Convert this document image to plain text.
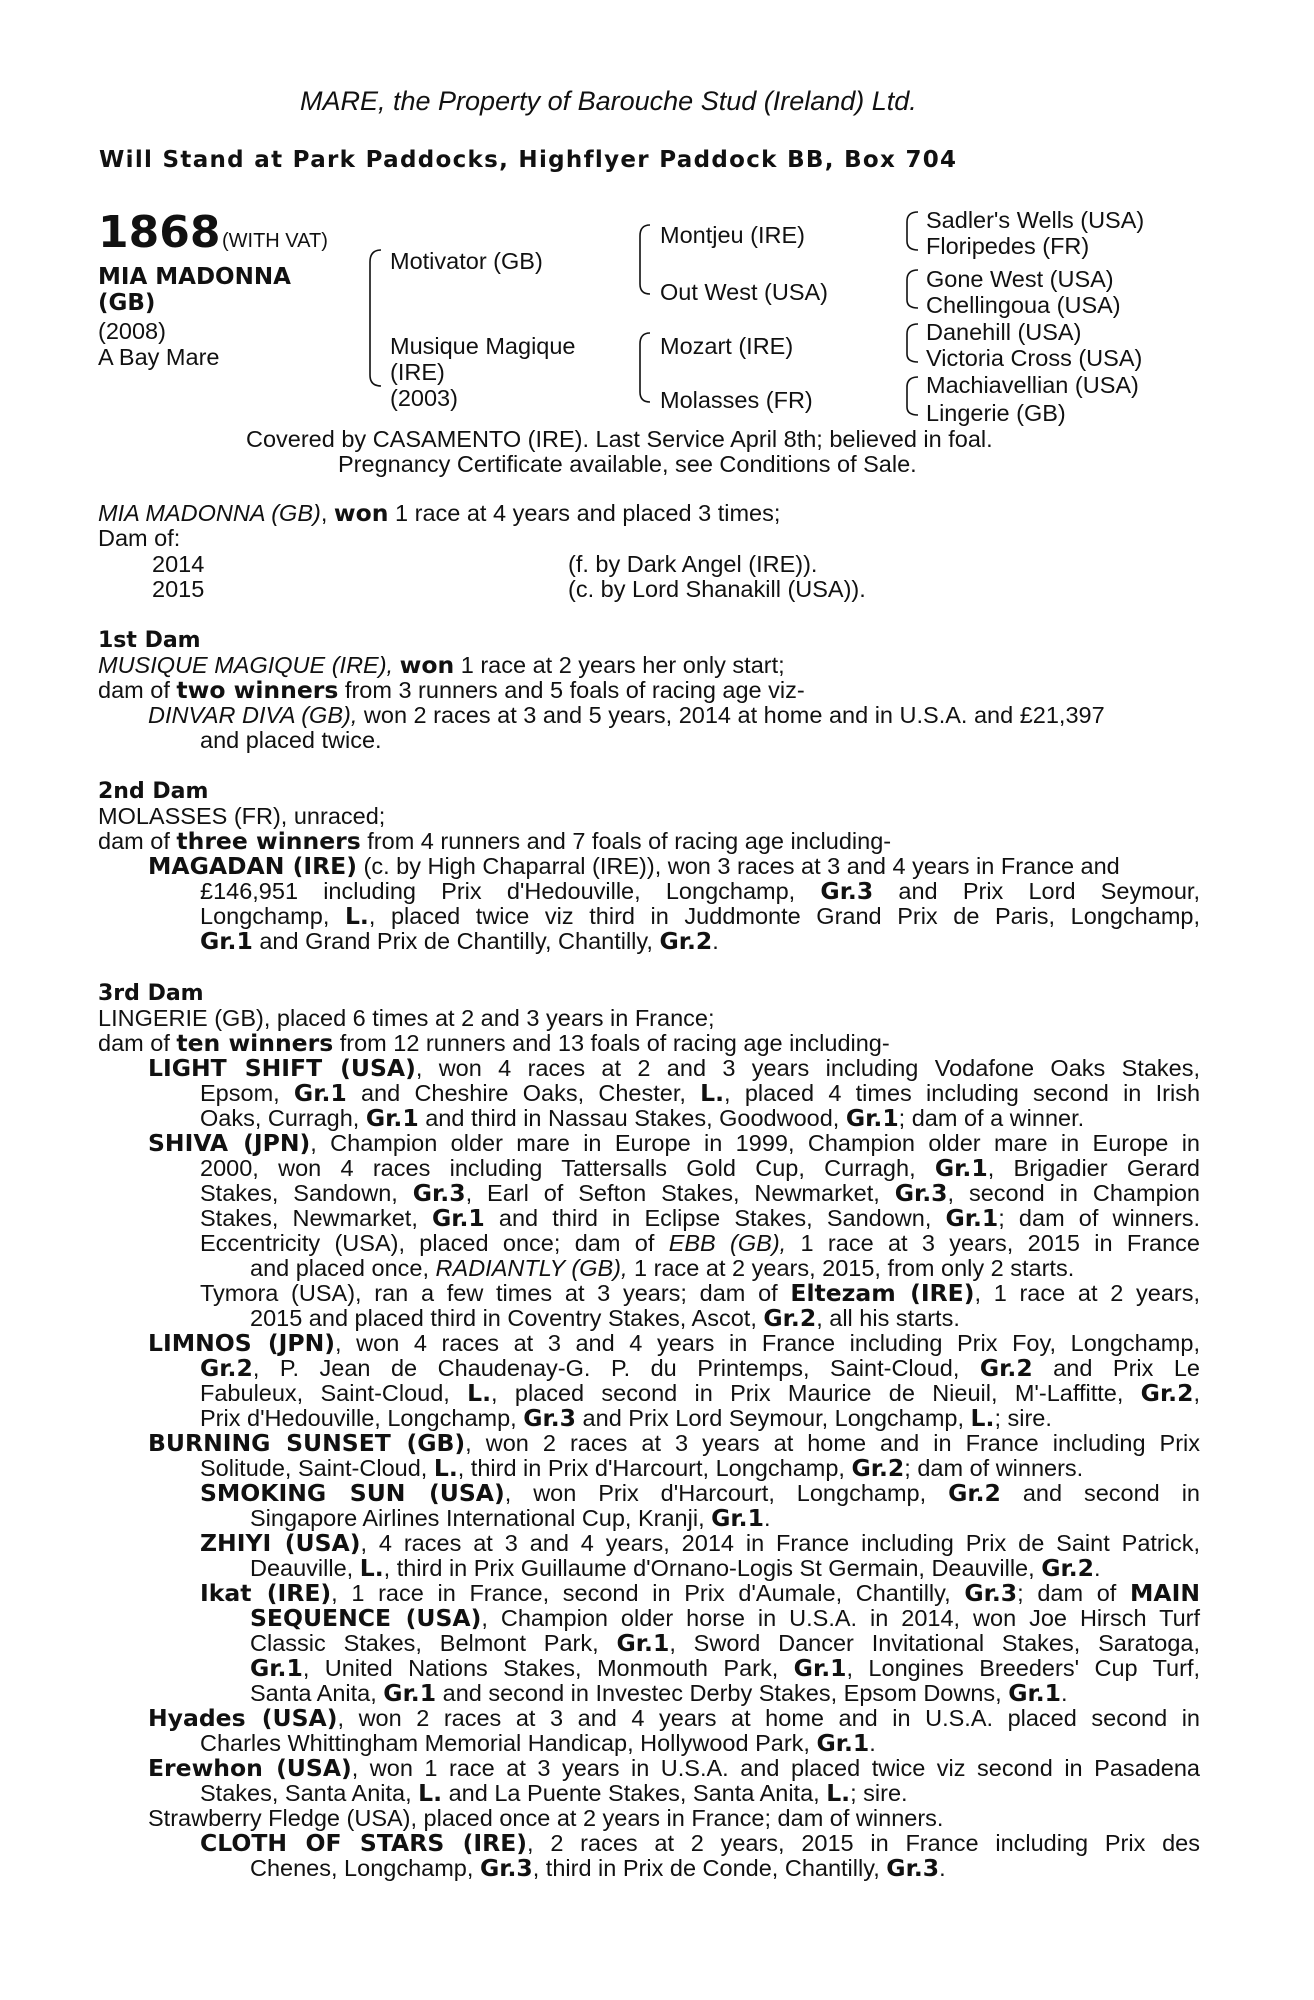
MARE, the Property of Barouche Stud (Ireland) Ltd.
Will Stand at Park Paddocks, Highflyer Paddock BB, Box 704
1868 (WITH VAT)
MIA MADONNA
(GB)
(2008)
A Bay Mare
Motivator (GB)
Musique Magique
(IRE)
(2003)
Montjeu (IRE)
Out West (USA)
Mozart (IRE)
Molasses (FR)
Sadler's Wells (USA)
Floripedes (FR)
Gone West (USA)
Chellingoua (USA)
Danehill (USA)
Victoria Cross (USA)
Machiavellian (USA)
Lingerie (GB)
Covered by CASAMENTO (IRE). Last Service April 8th; believed in foal.
Pregnancy Certificate available, see Conditions of Sale.
MIA MADONNA (GB), won 1 race at 4 years and placed 3 times;
Dam of:
2014	(f. by Dark Angel (IRE)).
2015	(c. by Lord Shanakill (USA)).
1st Dam
MUSIQUE MAGIQUE (IRE), won 1 race at 2 years her only start;
dam of two winners from 3 runners and 5 foals of racing age viz-
DINVAR DIVA (GB), won 2 races at 3 and 5 years, 2014 at home and in U.S.A. and £21,397
and placed twice.
2nd Dam
MOLASSES (FR), unraced;
dam of three winners from 4 runners and 7 foals of racing age including-
MAGADAN (IRE) (c. by High Chaparral (IRE)), won 3 races at 3 and 4 years in France and
£146,951 including Prix d'Hedouville, Longchamp, Gr.3 and Prix Lord Seymour,
Longchamp, L., placed twice viz third in Juddmonte Grand Prix de Paris, Longchamp,
Gr.1 and Grand Prix de Chantilly, Chantilly, Gr.2.
3rd Dam
LINGERIE (GB), placed 6 times at 2 and 3 years in France;
dam of ten winners from 12 runners and 13 foals of racing age including-
LIGHT SHIFT (USA), won 4 races at 2 and 3 years including Vodafone Oaks Stakes,
Epsom, Gr.1 and Cheshire Oaks, Chester, L., placed 4 times including second in Irish
Oaks, Curragh, Gr.1 and third in Nassau Stakes, Goodwood, Gr.1; dam of a winner.
SHIVA (JPN), Champion older mare in Europe in 1999, Champion older mare in Europe in
2000, won 4 races including Tattersalls Gold Cup, Curragh, Gr.1, Brigadier Gerard
Stakes, Sandown, Gr.3, Earl of Sefton Stakes, Newmarket, Gr.3, second in Champion
Stakes, Newmarket, Gr.1 and third in Eclipse Stakes, Sandown, Gr.1; dam of winners.
Eccentricity (USA), placed once; dam of EBB (GB), 1 race at 3 years, 2015 in France
and placed once, RADIANTLY (GB), 1 race at 2 years, 2015, from only 2 starts.
Tymora (USA), ran a few times at 3 years; dam of Eltezam (IRE), 1 race at 2 years,
2015 and placed third in Coventry Stakes, Ascot, Gr.2, all his starts.
LIMNOS (JPN), won 4 races at 3 and 4 years in France including Prix Foy, Longchamp,
Gr.2, P. Jean de Chaudenay-G. P. du Printemps, Saint-Cloud, Gr.2 and Prix Le
Fabuleux, Saint-Cloud, L., placed second in Prix Maurice de Nieuil, M'-Laffitte, Gr.2,
Prix d'Hedouville, Longchamp, Gr.3 and Prix Lord Seymour, Longchamp, L.; sire.
BURNING SUNSET (GB), won 2 races at 3 years at home and in France including Prix
Solitude, Saint-Cloud, L., third in Prix d'Harcourt, Longchamp, Gr.2; dam of winners.
SMOKING SUN (USA), won Prix d'Harcourt, Longchamp, Gr.2 and second in
Singapore Airlines International Cup, Kranji, Gr.1.
ZHIYI (USA), 4 races at 3 and 4 years, 2014 in France including Prix de Saint Patrick,
Deauville, L., third in Prix Guillaume d'Ornano-Logis St Germain, Deauville, Gr.2.
Ikat (IRE), 1 race in France, second in Prix d'Aumale, Chantilly, Gr.3; dam of MAIN
SEQUENCE (USA), Champion older horse in U.S.A. in 2014, won Joe Hirsch Turf
Classic Stakes, Belmont Park, Gr.1, Sword Dancer Invitational Stakes, Saratoga,
Gr.1, United Nations Stakes, Monmouth Park, Gr.1, Longines Breeders' Cup Turf,
Santa Anita, Gr.1 and second in Investec Derby Stakes, Epsom Downs, Gr.1.
Hyades (USA), won 2 races at 3 and 4 years at home and in U.S.A. placed second in
Charles Whittingham Memorial Handicap, Hollywood Park, Gr.1.
Erewhon (USA), won 1 race at 3 years in U.S.A. and placed twice viz second in Pasadena
Stakes, Santa Anita, L. and La Puente Stakes, Santa Anita, L.; sire.
Strawberry Fledge (USA), placed once at 2 years in France; dam of winners.
CLOTH OF STARS (IRE), 2 races at 2 years, 2015 in France including Prix des
Chenes, Longchamp, Gr.3, third in Prix de Conde, Chantilly, Gr.3.
